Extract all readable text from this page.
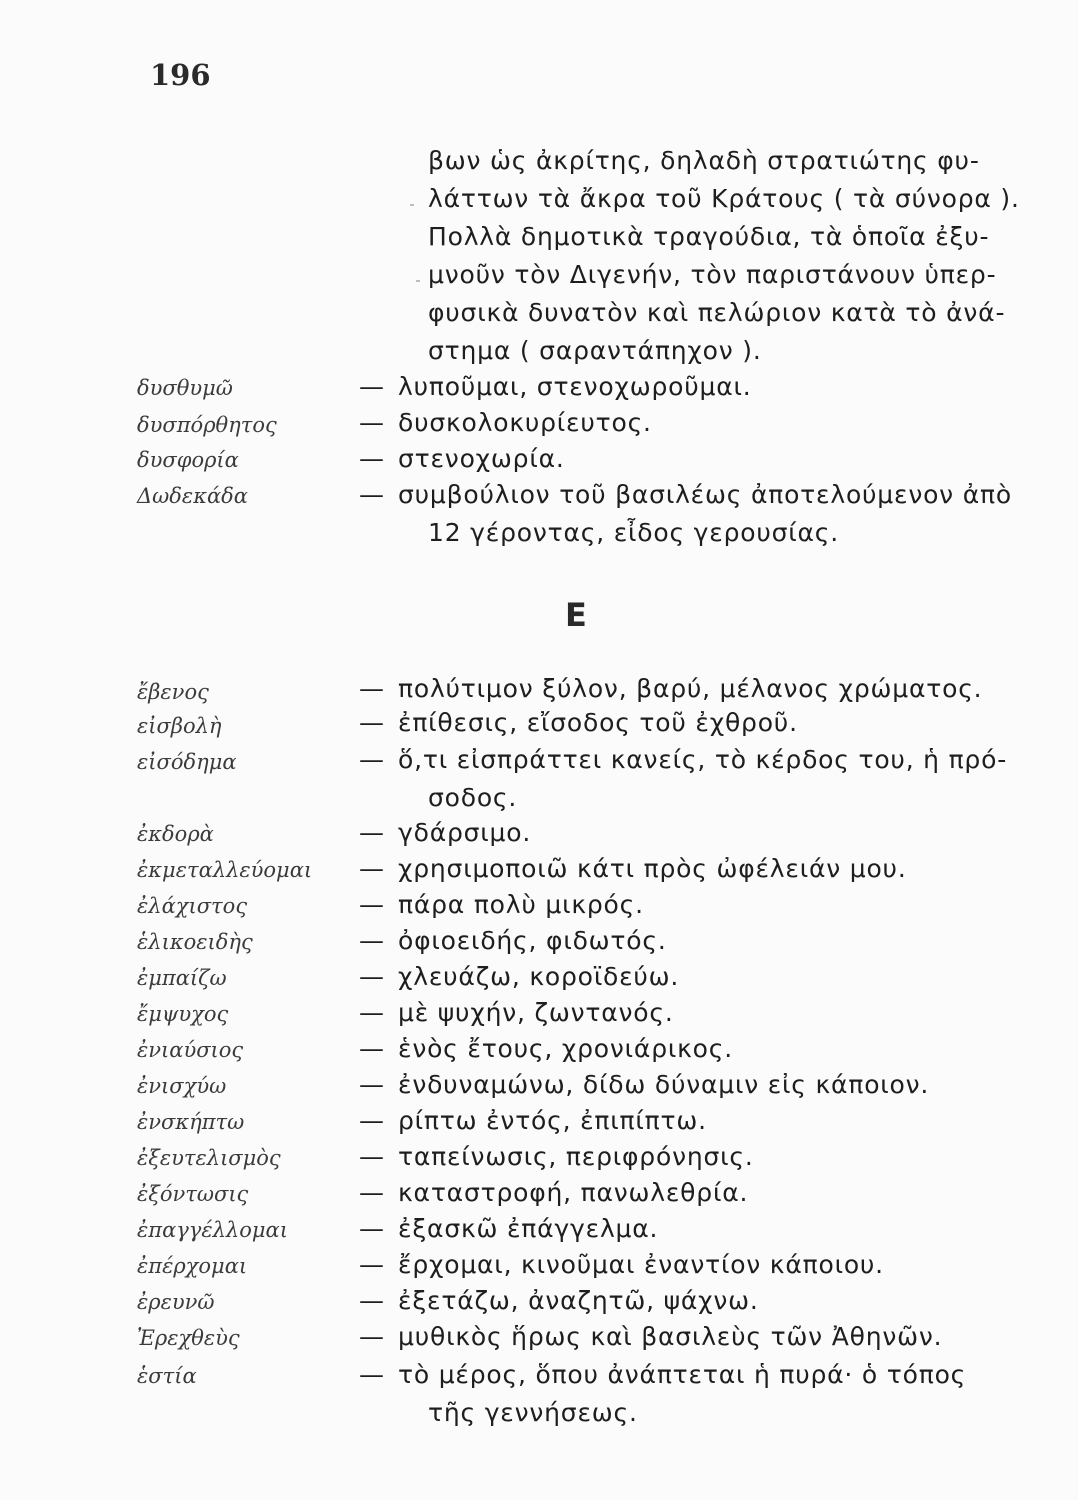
196
βων ὡς ἀκρίτης, δηλαδὴ στρατιώτης φυ-
λάττων τὰ ἄκρα τοῦ Κράτους ( τὰ σύνορα ).
Πολλὰ δημοτικὰ τραγούδια, τὰ ὁποῖα ἐξυ-
μνοῦν τὸν Διγενήν, τὸν παριστάνουν ὑπερ-
φυσικὰ δυνατὸν καὶ πελώριον κατὰ τὸ ἀνά-
στημα ( σαραντάπηχον ).
δυσθυμῶ	— λυποῦμαι, στενοχωροῦμαι.
δυσπόρθητος	— δυσκολοκυρίευτος.
δυσφορία	— στενοχωρία.
Δωδεκάδα	— συμβούλιον τοῦ βασιλέως ἀποτελούμενον ἀπὸ
12 γέροντας, εἶδος γερουσίας.
Ε
ἔβενος	— πολύτιμον ξύλον, βαρύ, μέλανος χρώματος.
εἰσβολὴ	— ἐπίθεσις, εἴσοδος τοῦ ἐχθροῦ.
εἰσόδημα	— ὅ,τι εἰσπράττει κανείς, τὸ κέρδος του, ἡ πρό-
σοδος.
ἐκδορὰ	— γδάρσιμο.
ἐκμεταλλεύομαι — χρησιμοποιῶ κάτι πρὸς ὠφέλειάν μου.
ἐλάχιστος	— πάρα πολὺ μικρός.
ἑλικοειδὴς	— ὀφιοειδής, φιδωτός.
ἐμπαίζω	— χλευάζω, κοροϊδεύω.
ἔμψυχος	— μὲ ψυχήν, ζωντανός.
ἐνιαύσιος	— ἑνὸς ἔτους, χρονιάρικος.
ἐνισχύω	— ἐνδυναμώνω, δίδω δύναμιν εἰς κάποιον.
ἐνσκήπτω	— ρίπτω ἐντός, ἐπιπίπτω.
ἐξευτελισμὸς	— ταπείνωσις, περιφρόνησις.
ἐξόντωσις	— καταστροφή, πανωλεθρία.
ἐπαγγέλλομαι	— ἐξασκῶ ἐπάγγελμα.
ἐπέρχομαι	— ἔρχομαι, κινοῦμαι ἐναντίον κάποιου.
ἐρευνῶ	— ἐξετάζω, ἀναζητῶ, ψάχνω.
Ἐρεχθεὺς	— μυθικὸς ἥρως καὶ βασιλεὺς τῶν Ἀθηνῶν.
ἑστία	— τὸ μέρος, ὅπου ἀνάπτεται ἡ πυρά· ὁ τόπος
τῆς γεννήσεως.
